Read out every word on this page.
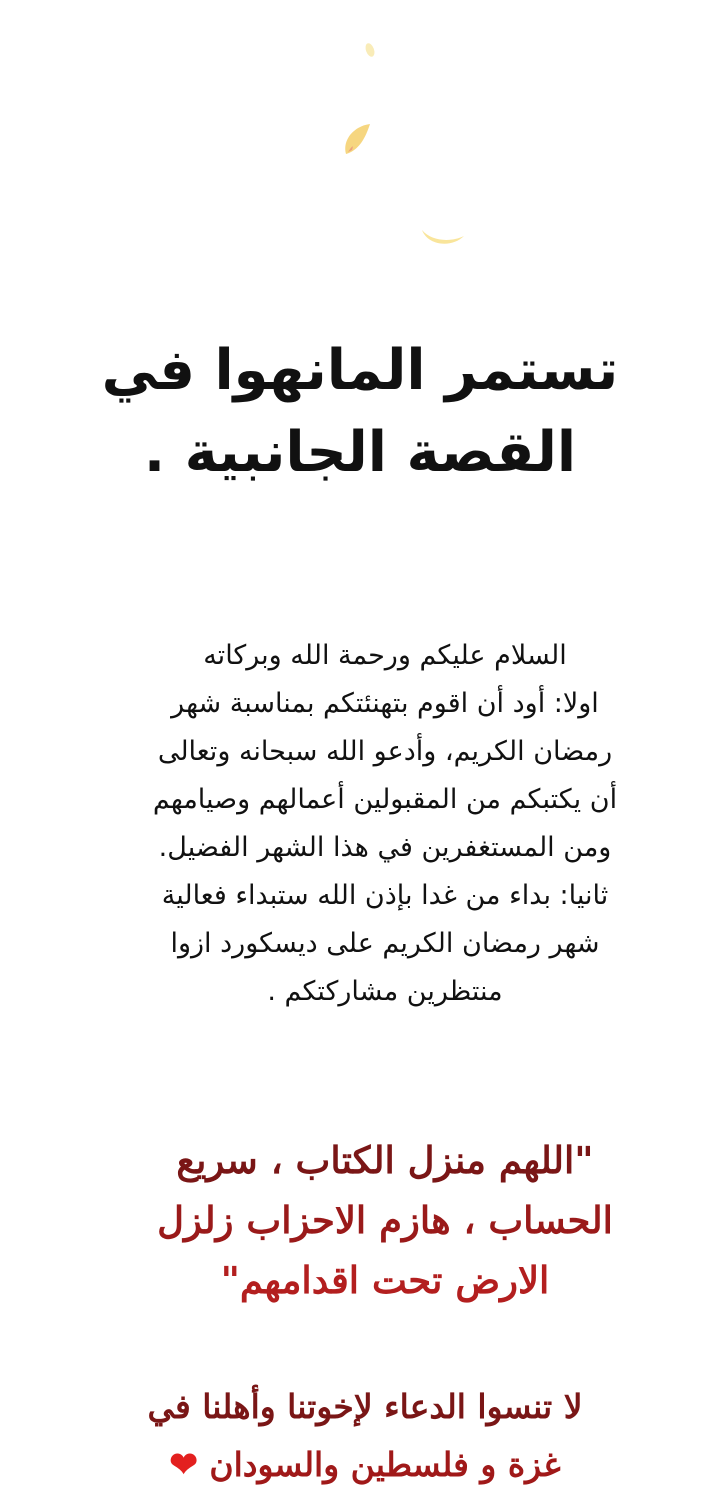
تستمر المانهوا في
القصة الجانبية .
السلام عليكم ورحمة الله وبركاته
اولا: أود أن اقوم بتهنئتكم بمناسبة شهر
رمضان الكريم، وأدعو الله سبحانه وتعالى
أن يكتبكم من المقبولين أعمالهم وصيامهم
ومن المستغفرين في هذا الشهر الفضيل.
ثانيا: بداء من غدا بإذن الله ستبداء فعالية
شهر رمضان الكريم على ديسكورد ازوا
منتظرين مشاركتكم .
"اللهم منزل الكتاب ، سريع
الحساب ، هازم الاحزاب زلزل
الارض تحت اقدامهم"
لا تنسوا الدعاء لإخوتنا وأهلنا في
غزة و فلسطين والسودان ❤
